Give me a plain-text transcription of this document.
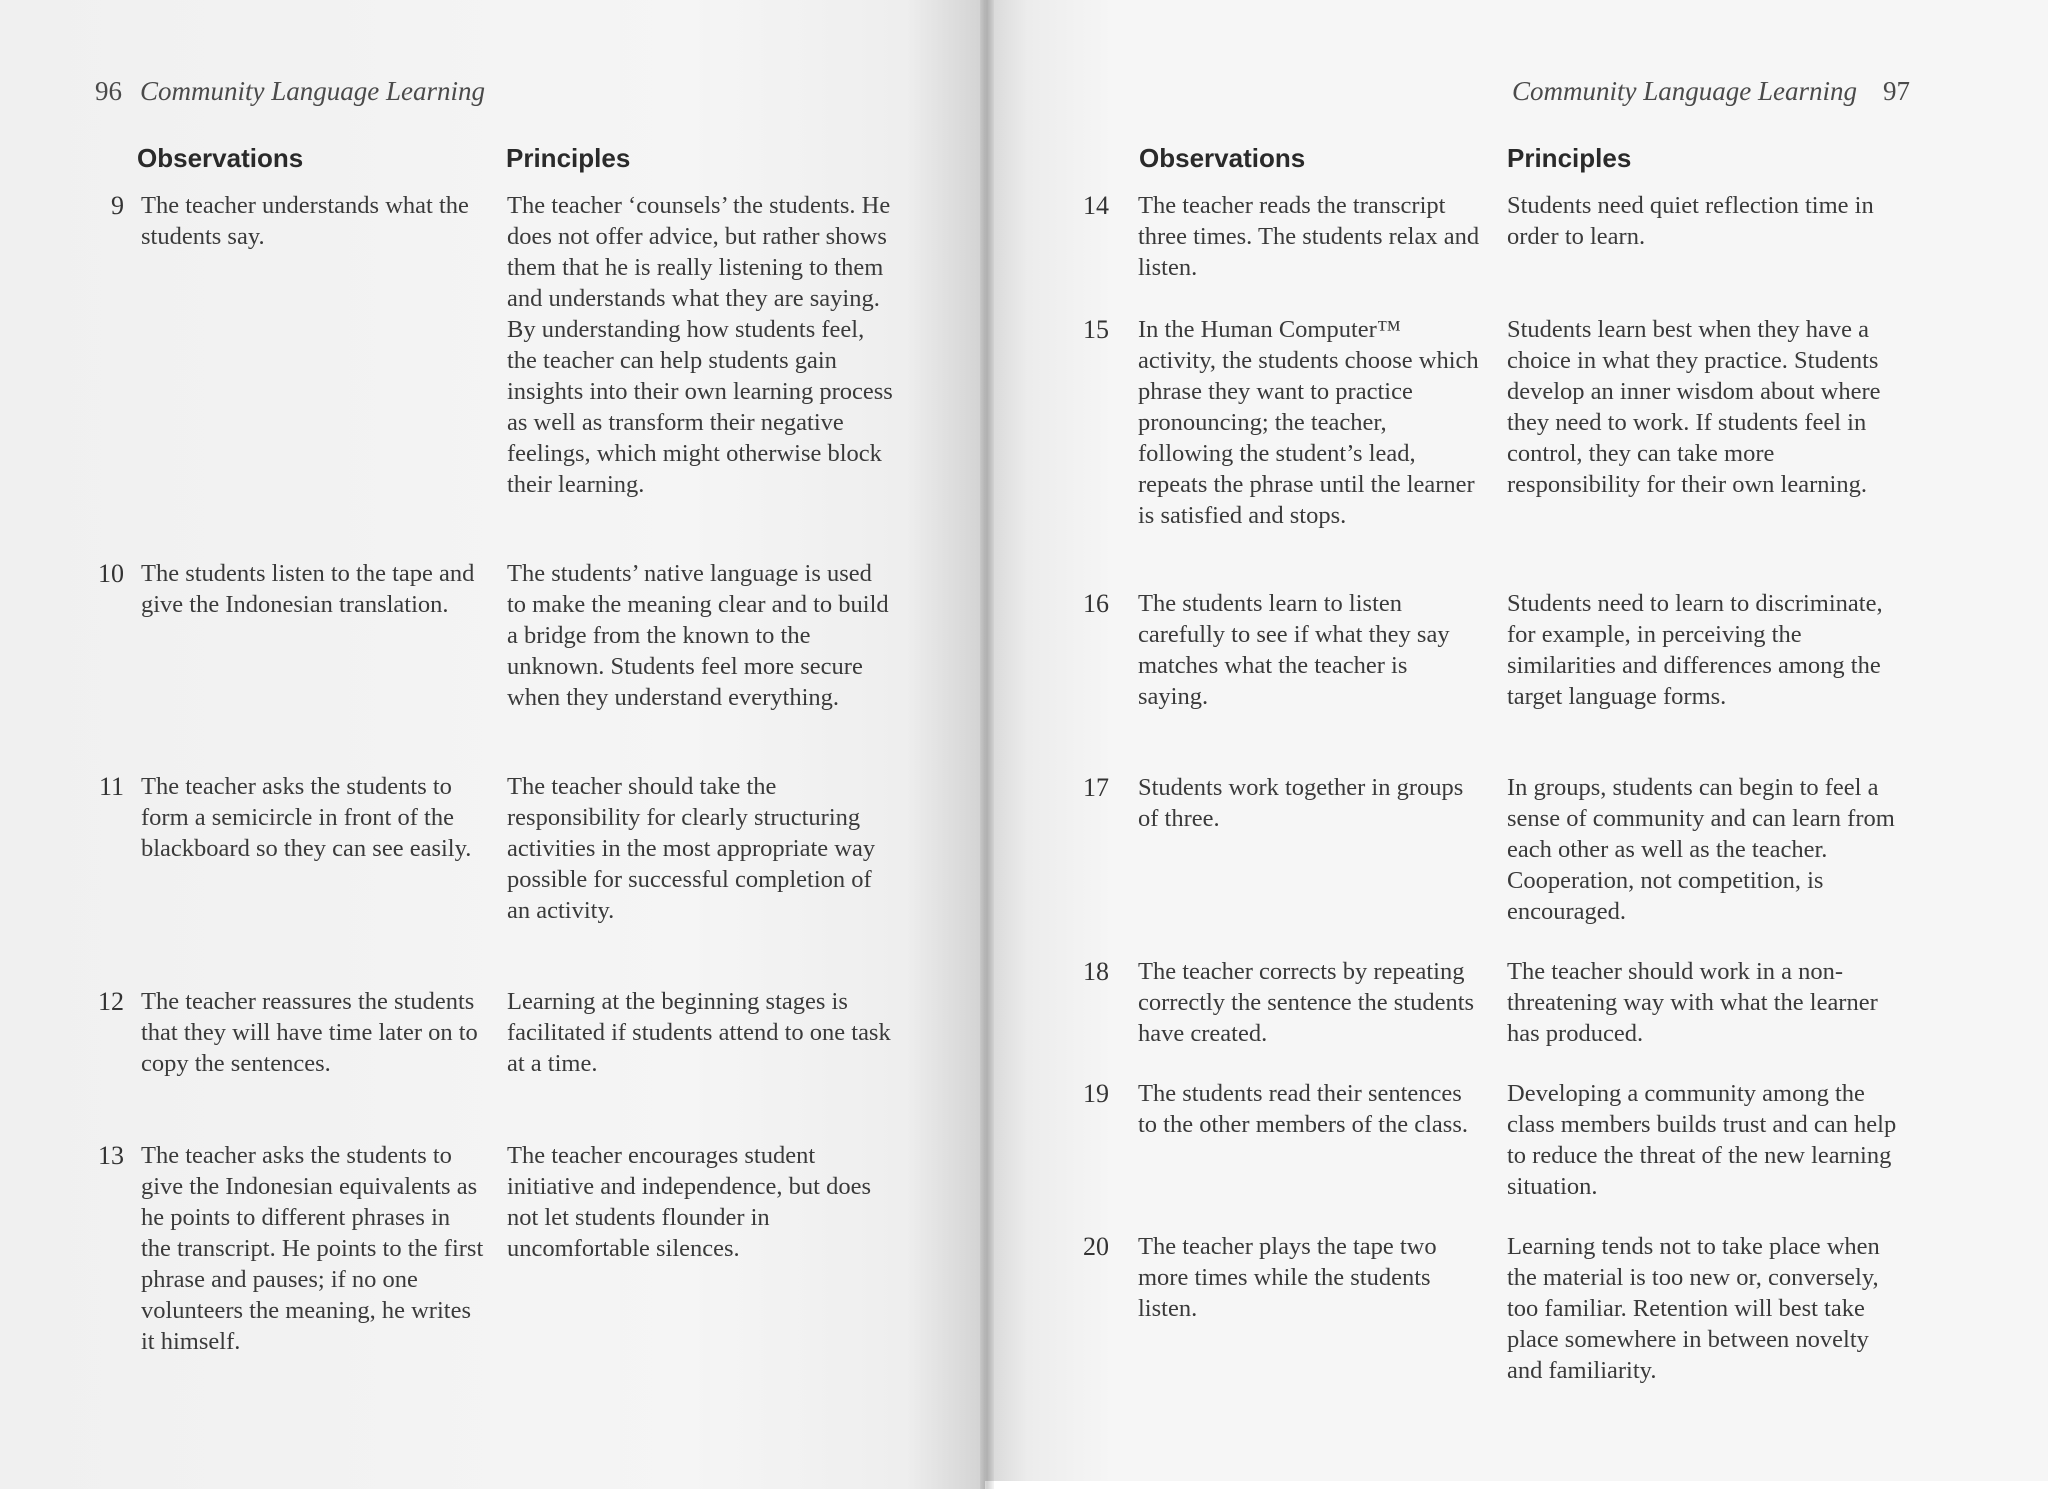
96 Community Language Learning
Observations	Principles
9 The teacher understands what the students say.
The teacher ‘counsels’ the students. He does not offer advice, but rather shows them that he is really listening to them and understands what they are saying. By understanding how students feel, the teacher can help students gain insights into their own learning process as well as transform their negative feelings, which might otherwise block their learning.
10 The students listen to the tape and give the Indonesian translation.
The students’ native language is used to make the meaning clear and to build a bridge from the known to the unknown. Students feel more secure when they understand everything.
11 The teacher asks the students to form a semicircle in front of the blackboard so they can see easily.
The teacher should take the responsibility for clearly structuring activities in the most appropriate way possible for successful completion of an activity.
12 The teacher reassures the students that they will have time later on to copy the sentences.
Learning at the beginning stages is facilitated if students attend to one task at a time.
13 The teacher asks the students to give the Indonesian equivalents as he points to different phrases in the transcript. He points to the first phrase and pauses; if no one volunteers the meaning, he writes it himself.
The teacher encourages student initiative and independence, but does not let students flounder in uncomfortable silences.
Community Language Learning 97
Observations	Principles
14 The teacher reads the transcript three times. The students relax and listen.
Students need quiet reflection time in order to learn.
15 In the Human Computer™ activity, the students choose which phrase they want to practice pronouncing; the teacher, following the student’s lead, repeats the phrase until the learner is satisfied and stops.
Students learn best when they have a choice in what they practice. Students develop an inner wisdom about where they need to work. If students feel in control, they can take more responsibility for their own learning.
16 The students learn to listen carefully to see if what they say matches what the teacher is saying.
Students need to learn to discriminate, for example, in perceiving the similarities and differences among the target language forms.
17 Students work together in groups of three.
In groups, students can begin to feel a sense of community and can learn from each other as well as the teacher. Cooperation, not competition, is encouraged.
18 The teacher corrects by repeating correctly the sentence the students have created.
The teacher should work in a non-threatening way with what the learner has produced.
19 The students read their sentences to the other members of the class.
Developing a community among the class members builds trust and can help to reduce the threat of the new learning situation.
20 The teacher plays the tape two more times while the students listen.
Learning tends not to take place when the material is too new or, conversely, too familiar. Retention will best take place somewhere in between novelty and familiarity.
